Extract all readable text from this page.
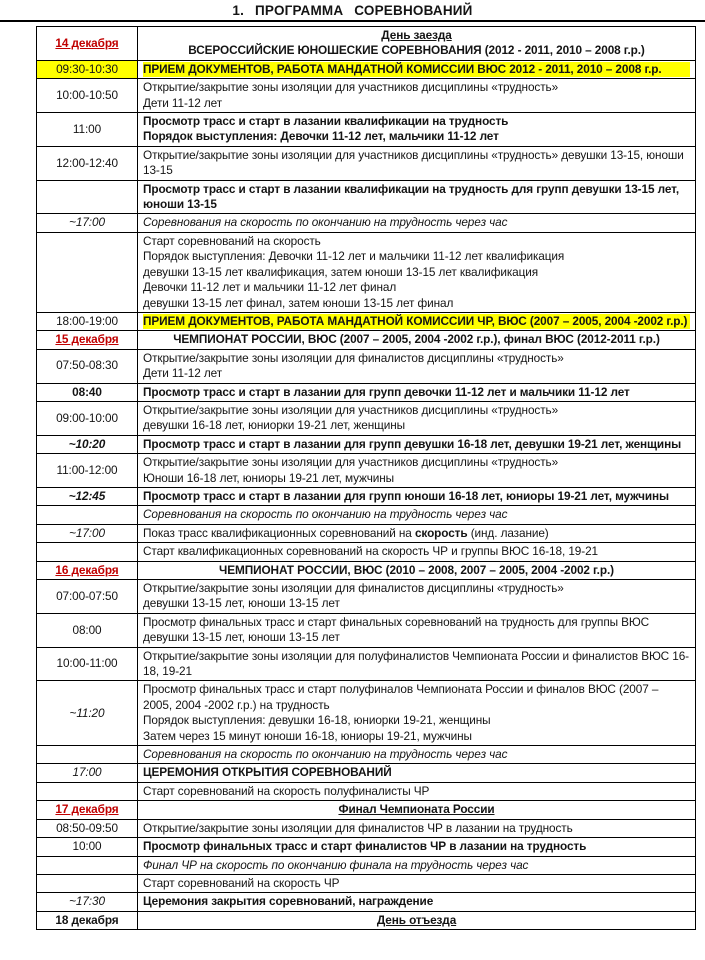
1. ПРОГРАММА СОРЕВНОВАНИЙ
14 декабря	День заезда
ВСЕРОССИЙСКИЕ ЮНОШЕСКИЕ СОРЕВНОВАНИЯ (2012 - 2011, 2010 – 2008 г.р.)

09:30-10:30	ПРИЕМ ДОКУМЕНТОВ, РАБОТА МАНДАТНОЙ КОМИССИИ ВЮС 2012 - 2011, 2010 – 2008 г.р.

10:00-10:50	Открытие/закрытие зоны изоляции для участников дисциплины «трудность»
Дети 11-12 лет

11:00	Просмотр трасс и старт в лазании квалификации на трудность
Порядок выступления: Девочки 11-12 лет, мальчики 11-12 лет

12:00-12:40	Открытие/закрытие зоны изоляции для участников дисциплины «трудность» девушки 13-15, юноши 13-15

	Просмотр трасс и старт в лазании квалификации на трудность для групп девушки 13-15 лет, юноши 13-15

~17:00	Соревнования на скорость по окончанию на трудность через час

	Старт соревнований на скорость
Порядок выступления: Девочки 11-12 лет и мальчики 11-12 лет квалификация
девушки 13-15 лет квалификация, затем юноши 13-15 лет квалификация
Девочки 11-12 лет и мальчики 11-12 лет финал
девушки 13-15 лет финал, затем юноши 13-15 лет финал

18:00-19:00	ПРИЕМ ДОКУМЕНТОВ, РАБОТА МАНДАТНОЙ КОМИССИИ ЧР, ВЮС (2007 – 2005, 2004 -2002 г.р.)

15 декабря	ЧЕМПИОНАТ РОССИИ, ВЮС (2007 – 2005, 2004 -2002 г.р.), финал ВЮС (2012-2011 г.р.)

07:50-08:30	Открытие/закрытие зоны изоляции для финалистов дисциплины «трудность»
Дети 11-12 лет

08:40	Просмотр трасс и старт в лазании для групп девочки 11-12 лет и мальчики 11-12 лет

09:00-10:00	Открытие/закрытие зоны изоляции для участников дисциплины «трудность»
девушки 16-18 лет, юниорки 19-21 лет, женщины

~10:20	Просмотр трасс и старт в лазании для групп девушки 16-18 лет, девушки 19-21 лет, женщины

11:00-12:00	Открытие/закрытие зоны изоляции для участников дисциплины «трудность»
Юноши 16-18 лет, юниоры 19-21 лет, мужчины

~12:45	Просмотр трасс и старт в лазании для групп юноши 16-18 лет, юниоры 19-21 лет, мужчины

	Соревнования на скорость по окончанию на трудность через час

~17:00	Показ трасс квалификационных соревнований на скорость (инд. лазание)

	Старт квалификационных соревнований на скорость ЧР и группы ВЮС 16-18, 19-21

16 декабря	ЧЕМПИОНАТ РОССИИ, ВЮС (2010 – 2008, 2007 – 2005, 2004 -2002 г.р.)

07:00-07:50	Открытие/закрытие зоны изоляции для финалистов дисциплины «трудность»
девушки 13-15 лет, юноши 13-15 лет

08:00	Просмотр финальных трасс и старт финальных соревнований на трудность для группы ВЮС девушки 13-15 лет, юноши 13-15 лет

10:00-11:00	Открытие/закрытие зоны изоляции для полуфиналистов Чемпионата России и финалистов ВЮС 16-18, 19-21

~11:20	Просмотр финальных трасс и старт полуфиналов Чемпионата России и финалов ВЮС (2007 – 2005, 2004 -2002 г.р.) на трудность
Порядок выступления: девушки 16-18, юниорки 19-21, женщины
Затем через 15 минут юноши 16-18, юниоры 19-21, мужчины

	Соревнования на скорость по окончанию на трудность через час

17:00	ЦЕРЕМОНИЯ ОТКРЫТИЯ СОРЕВНОВАНИЙ

	Старт соревнований на скорость полуфиналисты ЧР

17 декабря	Финал Чемпионата России

08:50-09:50	Открытие/закрытие зоны изоляции для финалистов ЧР в лазании на трудность

10:00	Просмотр финальных трасс и старт финалистов ЧР в лазании на трудность

	Финал ЧР на скорость по окончанию финала на трудность через час

	Старт соревнований на скорость ЧР

~17:30	Церемония закрытия соревнований, награждение

18 декабря	День отъезда
